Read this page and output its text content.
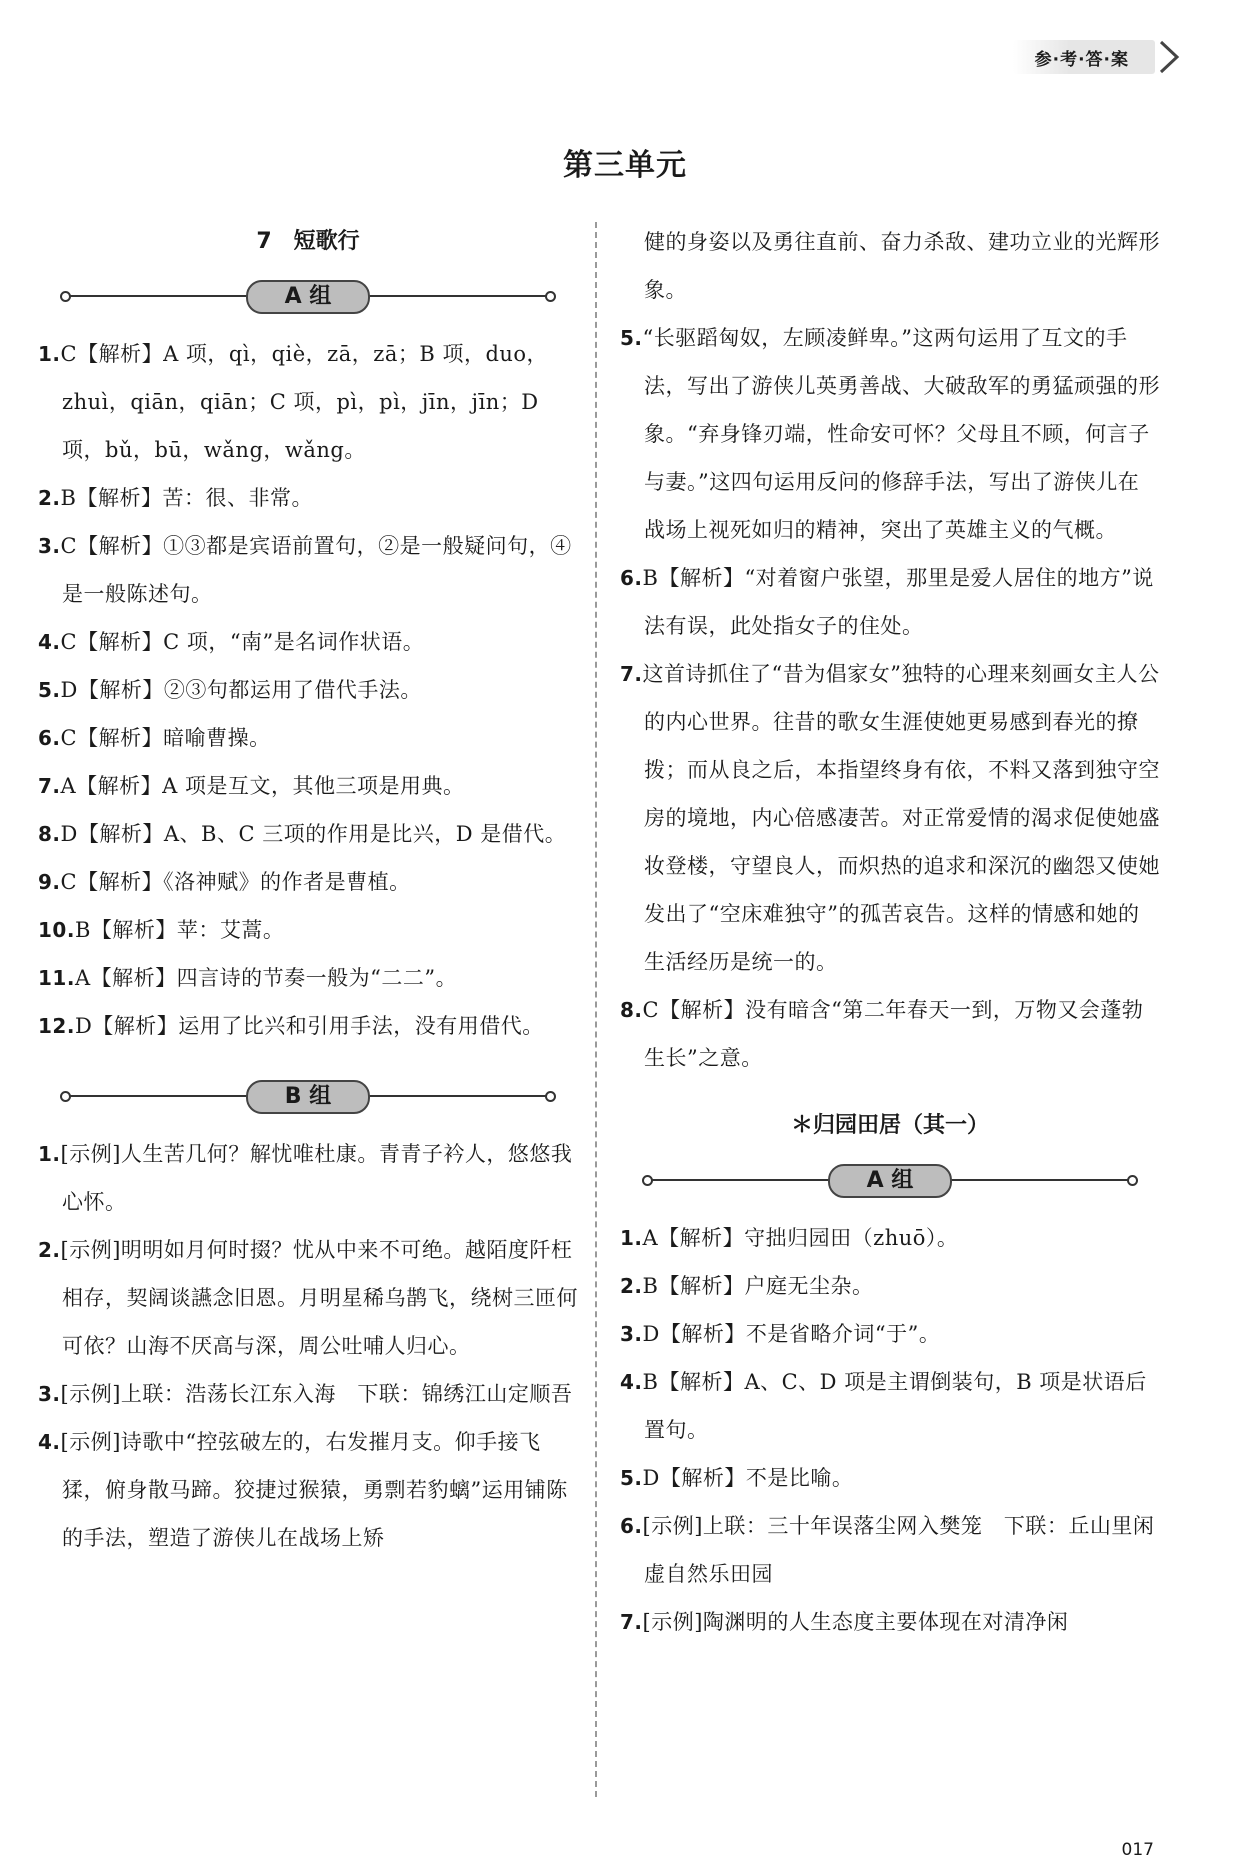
参·考·答·案
第三单元
7 短歌行
A 组

1.C【解析】A 项，qì，qiè，zā，zā；B 项，duo，zhuì，qiān，qiān；C 项，pì，pì，jīn，jīn；D 项，bǔ，bū，wǎng，wǎng。

2.B【解析】苦：很、非常。

3.C【解析】①③都是宾语前置句，②是一般疑问句，④是一般陈述句。

4.C【解析】C 项，“南”是名词作状语。

5.D【解析】②③句都运用了借代手法。

6.C【解析】暗喻曹操。

7.A【解析】A 项是互文，其他三项是用典。

8.D【解析】A、B、C 三项的作用是比兴，D 是借代。

9.C【解析】《洛神赋》的作者是曹植。

10.B【解析】苹：艾蒿。

11.A【解析】四言诗的节奏一般为“二二”。

12.D【解析】运用了比兴和引用手法，没有用借代。

B 组

1.[示例]人生苦几何？解忧唯杜康。青青子衿人，悠悠我心怀。

2.[示例]明明如月何时掇？忧从中来不可绝。越陌度阡枉相存，契阔谈讌念旧恩。月明星稀乌鹊飞，绕树三匝何可依？山海不厌高与深，周公吐哺人归心。

3.[示例]上联：浩荡长江东入海　下联：锦绣江山定顺吾

4.[示例]诗歌中“控弦破左的，右发摧月支。仰手接飞猱，俯身散马蹄。狡捷过猴猿，勇剽若豹螭”运用铺陈的手法，塑造了游侠儿在战场上矫

健的身姿以及勇往直前、奋力杀敌、建功立业的光辉形象。

5.“长驱蹈匈奴，左顾凌鲜卑。”这两句运用了互文的手法，写出了游侠儿英勇善战、大破敌军的勇猛顽强的形象。“弃身锋刃端，性命安可怀？父母且不顾，何言子与妻。”这四句运用反问的修辞手法，写出了游侠儿在战场上视死如归的精神，突出了英雄主义的气概。

6.B【解析】“对着窗户张望，那里是爱人居住的地方”说法有误，此处指女子的住处。

7.这首诗抓住了“昔为倡家女”独特的心理来刻画女主人公的内心世界。往昔的歌女生涯使她更易感到春光的撩拨；而从良之后，本指望终身有依，不料又落到独守空房的境地，内心倍感凄苦。对正常爱情的渴求促使她盛妆登楼，守望良人，而炽热的追求和深沉的幽怨又使她发出了“空床难独守”的孤苦哀告。这样的情感和她的生活经历是统一的。

8.C【解析】没有暗含“第二年春天一到，万物又会蓬勃生长”之意。

＊归园田居（其一）
A 组

1.A【解析】守拙归园田（zhuō）。

2.B【解析】户庭无尘杂。

3.D【解析】不是省略介词“于”。

4.B【解析】A、C、D 项是主谓倒装句，B 项是状语后置句。

5.D【解析】不是比喻。

6.[示例]上联：三十年误落尘网入樊笼　下联：丘山里闲虚自然乐田园

7.[示例]陶渊明的人生态度主要体现在对清净闲

017
